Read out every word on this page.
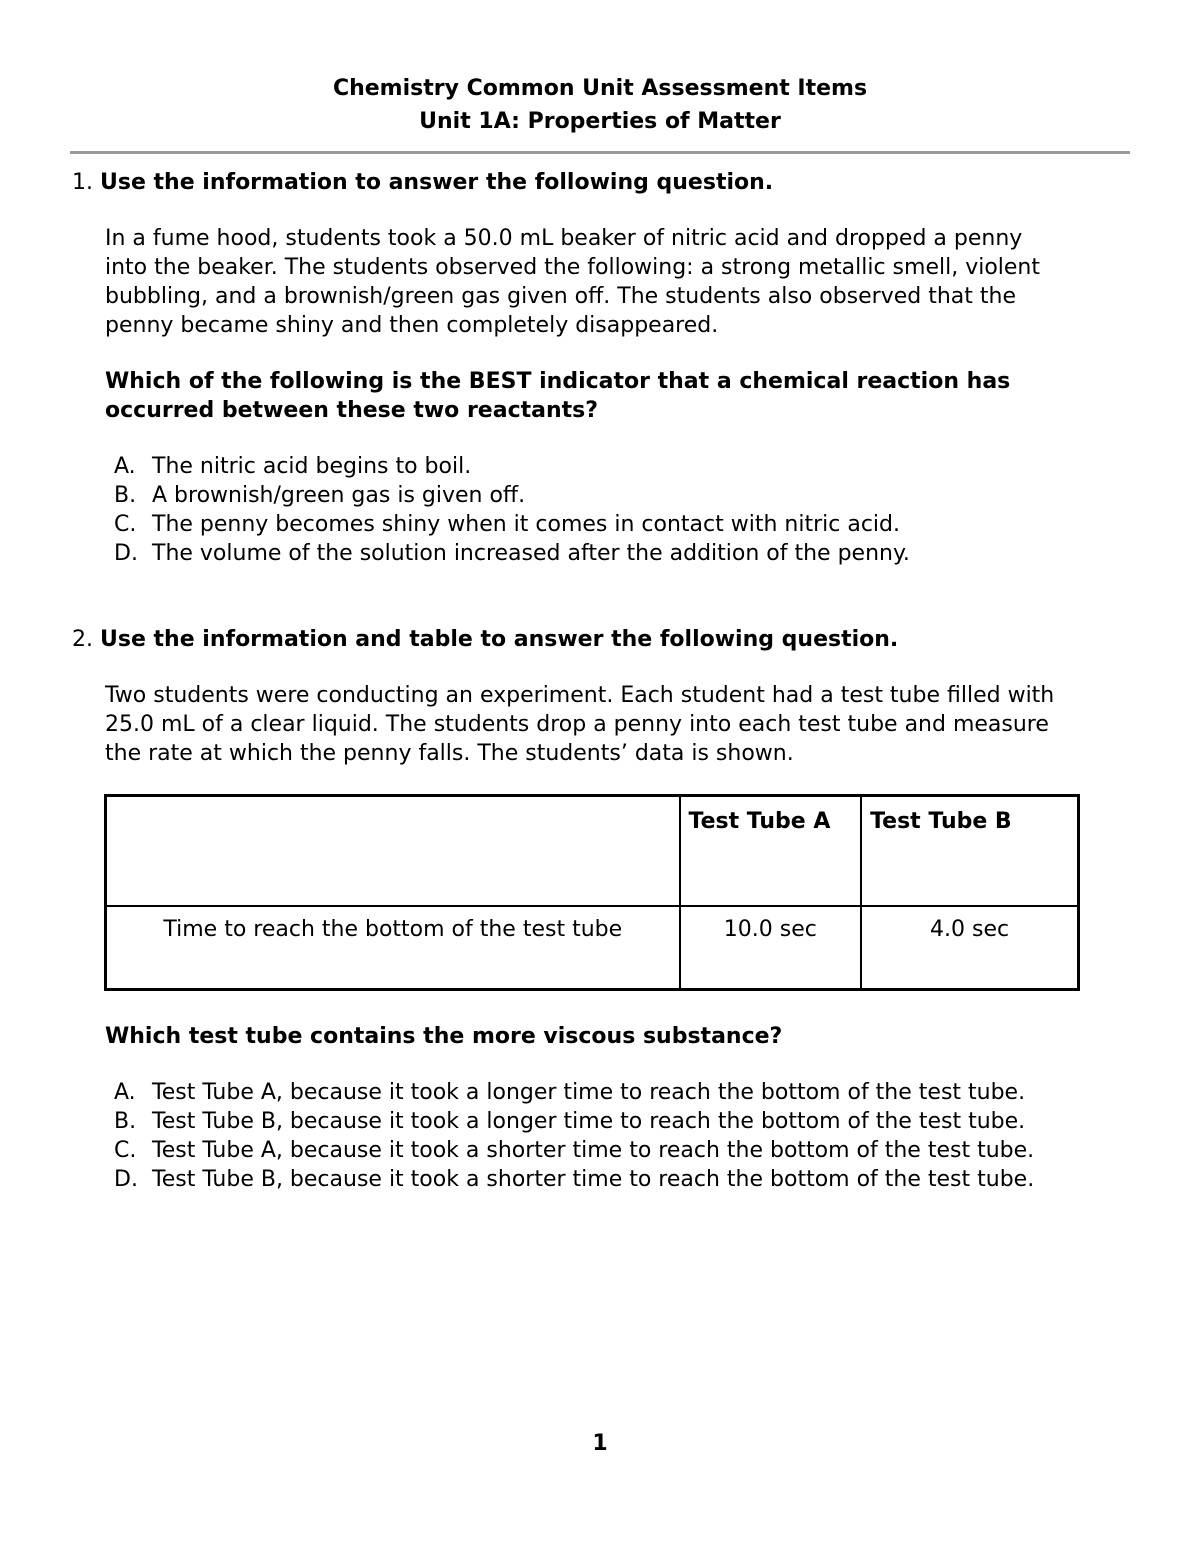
Chemistry Common Unit Assessment Items
Unit 1A: Properties of Matter
1. Use the information to answer the following question.
In a fume hood, students took a 50.0 mL beaker of nitric acid and dropped a penny
into the beaker. The students observed the following: a strong metallic smell, violent
bubbling, and a brownish/green gas given off. The students also observed that the
penny became shiny and then completely disappeared.
Which of the following is the BEST indicator that a chemical reaction has
occurred between these two reactants?
A. The nitric acid begins to boil.
B. A brownish/green gas is given off.
C. The penny becomes shiny when it comes in contact with nitric acid.
D. The volume of the solution increased after the addition of the penny.
2. Use the information and table to answer the following question.
Two students were conducting an experiment. Each student had a test tube filled with
25.0 mL of a clear liquid. The students drop a penny into each test tube and measure
the rate at which the penny falls. The students’ data is shown.
	Test Tube A	Test Tube B
Time to reach the bottom of the test tube	10.0 sec	4.0 sec
Which test tube contains the more viscous substance?
A. Test Tube A, because it took a longer time to reach the bottom of the test tube.
B. Test Tube B, because it took a longer time to reach the bottom of the test tube.
C. Test Tube A, because it took a shorter time to reach the bottom of the test tube.
D. Test Tube B, because it took a shorter time to reach the bottom of the test tube.
1
